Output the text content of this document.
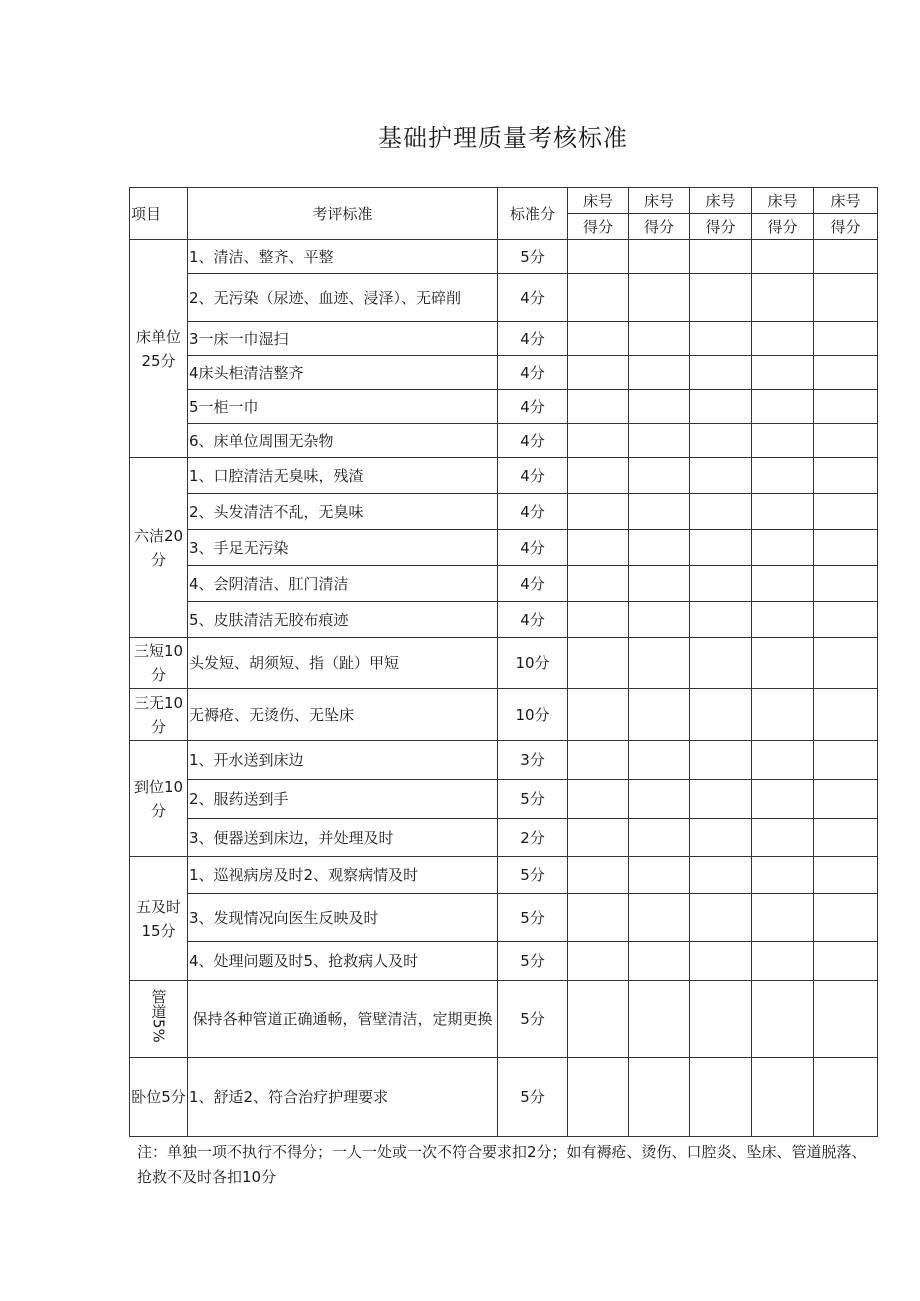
基础护理质量考核标准
项目	考评标准	标准分	床号	床号	床号	床号	床号
			得分	得分	得分	得分	得分
床单位25分	1、清洁、整齐、平整	5分					
	2、无污染（尿迹、血迹、浸泽）、无碎削	4分					
	3一床一巾湿扫	4分					
	4床头柜清洁整齐	4分					
	5一柜一巾	4分					
	6、床单位周围无杂物	4分					
六洁20分	1、口腔清洁无臭味，残渣	4分					
	2、头发清洁不乱，无臭味	4分					
	3、手足无污染	4分					
	4、会阴清洁、肛门清洁	4分					
	5、皮肤清洁无胶布痕迹	4分					
三短10分	头发短、胡须短、指（趾）甲短	10分					
三无10分	无褥疮、无烫伤、无坠床	10分					
到位10分	1、开水送到床边	3分					
	2、服药送到手	5分					
	3、便器送到床边，并处理及时	2分					
五及时15分	1、巡视病房及时2、观察病情及时	5分					
	3、发现情况向医生反映及时	5分					
	4、处理问题及时5、抢救病人及时	5分					
管道5%	保持各种管道正确通畅，管壁清洁，定期更换	5分					
卧位5分	1、舒适2、符合治疗护理要求	5分					
注：单独一项不执行不得分；一人一处或一次不符合要求扣2分；如有褥疮、烫伤、口腔炎、坠床、管道脱落、抢救不及时各扣10分
